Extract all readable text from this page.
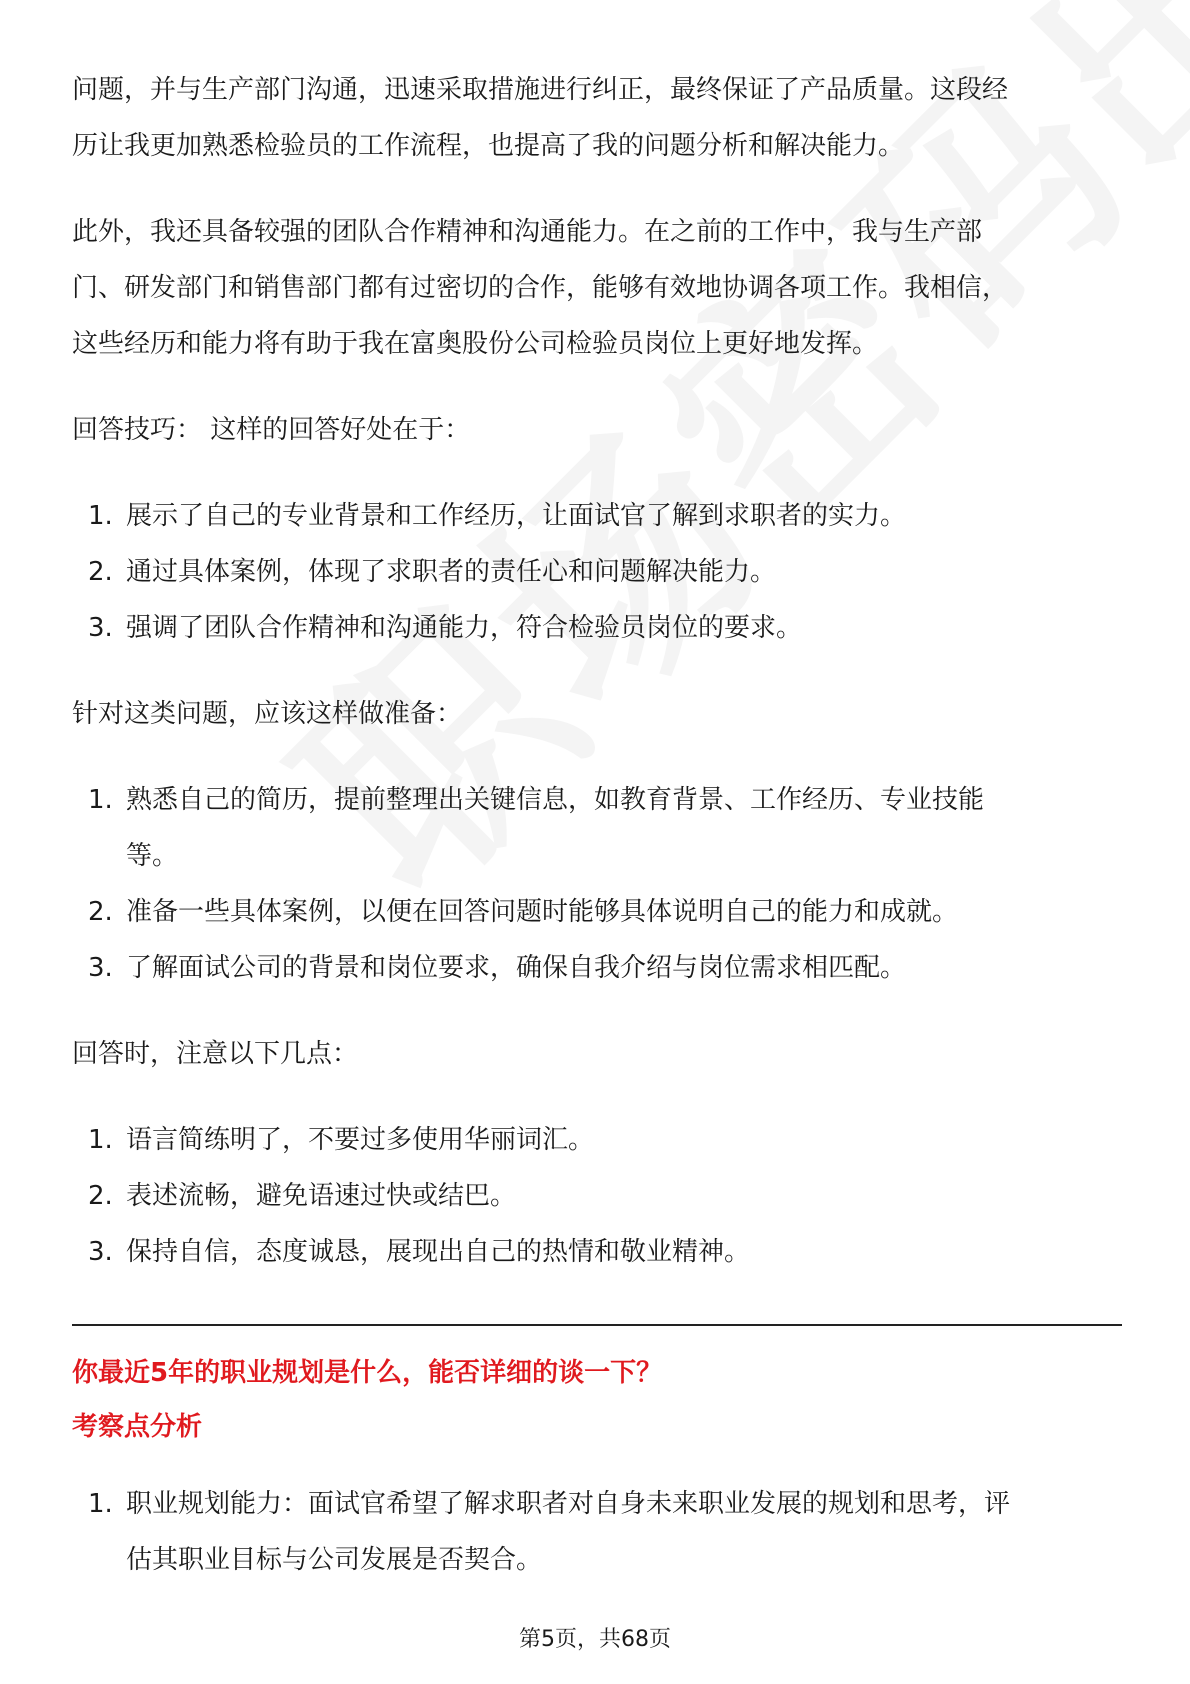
问题，并与生产部门沟通，迅速采取措施进行纠正，最终保证了产品质量。这段经

历让我更加熟悉检验员的工作流程，也提高了我的问题分析和解决能力。

此外，我还具备较强的团队合作精神和沟通能力。在之前的工作中，我与生产部

门、研发部门和销售部门都有过密切的合作，能够有效地协调各项工作。我相信，

这些经历和能力将有助于我在富奥股份公司检验员岗位上更好地发挥。

回答技巧： 这样的回答好处在于：

1. 展示了自己的专业背景和工作经历，让面试官了解到求职者的实力。
2. 通过具体案例，体现了求职者的责任心和问题解决能力。
3. 强调了团队合作精神和沟通能力，符合检验员岗位的要求。

针对这类问题，应该这样做准备：

1. 熟悉自己的简历，提前整理出关键信息，如教育背景、工作经历、专业技能
等。
2. 准备一些具体案例，以便在回答问题时能够具体说明自己的能力和成就。
3. 了解面试公司的背景和岗位要求，确保自我介绍与岗位需求相匹配。

回答时，注意以下几点：

1. 语言简练明了，不要过多使用华丽词汇。
2. 表述流畅，避免语速过快或结巴。
3. 保持自信，态度诚恳，展现出自己的热情和敬业精神。

你最近5年的职业规划是什么，能否详细的谈一下？

考察点分析

1. 职业规划能力：面试官希望了解求职者对自身未来职业发展的规划和思考，评
估其职业目标与公司发展是否契合。
第5页，共68页
